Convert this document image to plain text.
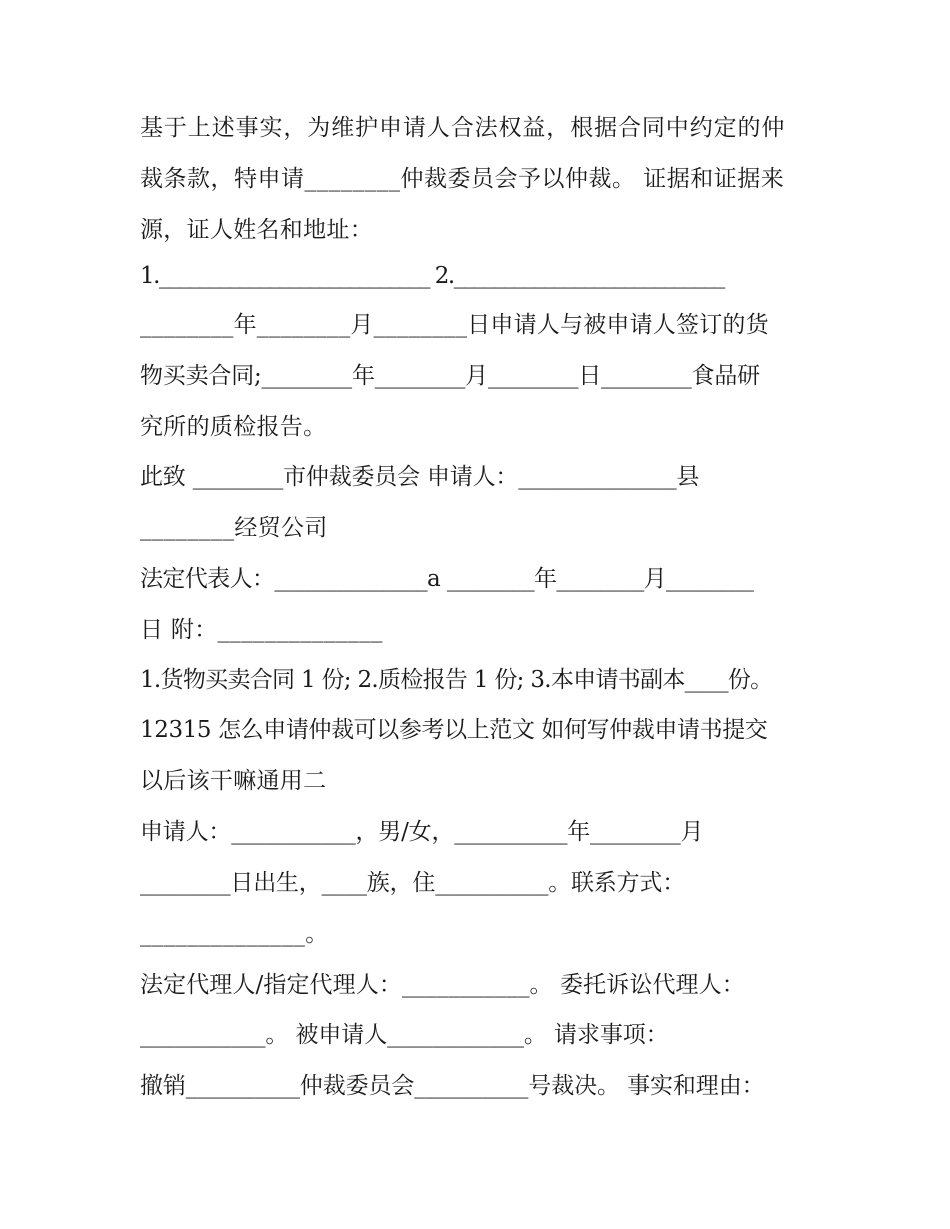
基于上述事实，为维护申请人合法权益，根据合同中约定的仲
裁条款，特申请________仲裁委员会予以仲裁。 证据和证据来
源，证人姓名和地址：
1.___________________________ 2.___________________________
________年________月________日申请人与被申请人签订的货
物买卖合同;________年________月________日________食品研
究所的质检报告。
此致 ________市仲裁委员会 申请人：______________县
________经贸公司
法定代表人：______________a ________年________月________
日 附：______________
1.货物买卖合同 1 份; 2.质检报告 1 份; 3.本申请书副本____份。
12315 怎么申请仲裁可以参考以上范文 如何写仲裁申请书提交
以后该干嘛通用二
申请人：___________，男/女，__________年________月
________日出生，____族，住__________。联系方式：
______________。
法定代理人/指定代理人：___________。 委托诉讼代理人：
___________。 被申请人____________。 请求事项：
撤销__________仲裁委员会__________号裁决。 事实和理由：
